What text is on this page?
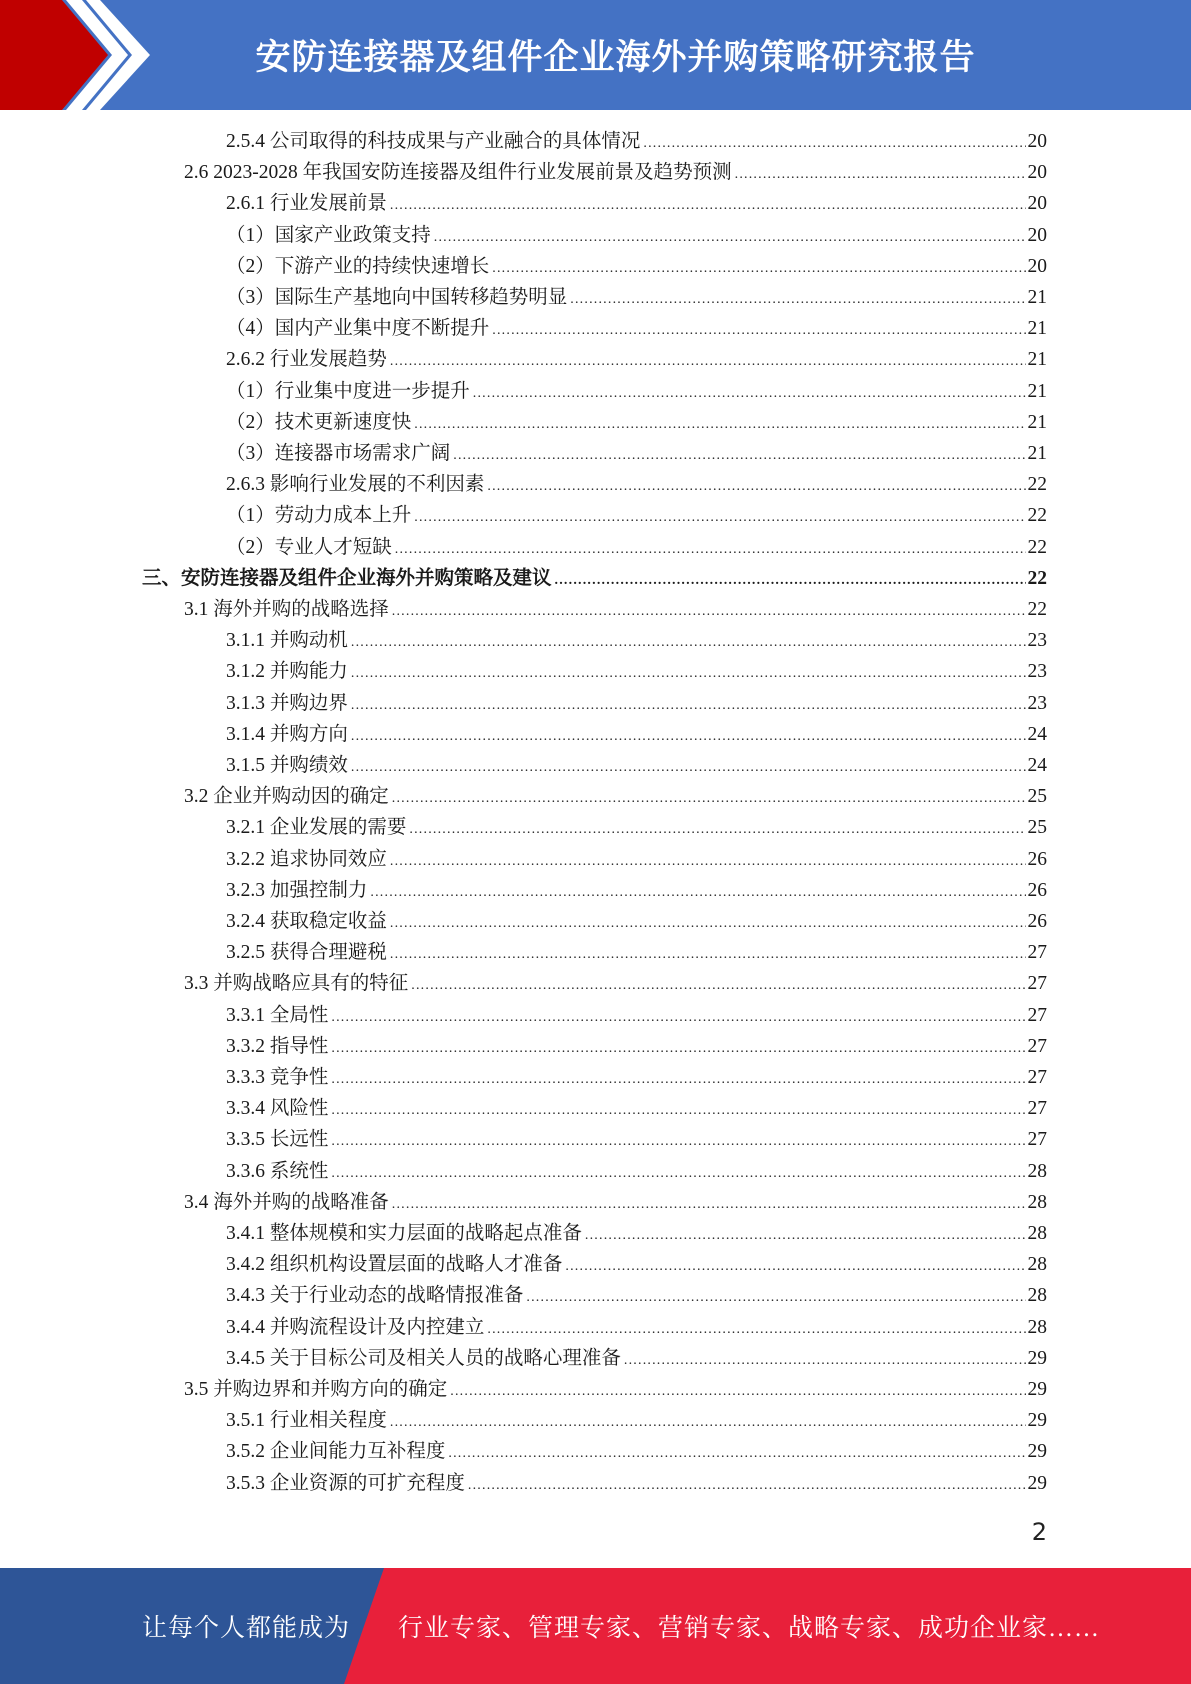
安防连接器及组件企业海外并购策略研究报告
2.5.4 公司取得的科技成果与产业融合的具体情况 .....	20
2.6 2023-2028 年我国安防连接器及组件行业发展前景及趋势预测 .....	20
2.6.1 行业发展前景 .....	20
（1）国家产业政策支持 .....	20
（2）下游产业的持续快速增长 .....	20
（3）国际生产基地向中国转移趋势明显 .....	21
（4）国内产业集中度不断提升 .....	21
2.6.2 行业发展趋势 .....	21
（1）行业集中度进一步提升 .....	21
（2）技术更新速度快 .....	21
（3）连接器市场需求广阔 .....	21
2.6.3 影响行业发展的不利因素 .....	22
（1）劳动力成本上升 .....	22
（2）专业人才短缺 .....	22
三、安防连接器及组件企业海外并购策略及建议 .....	22
3.1 海外并购的战略选择 .....	22
3.1.1 并购动机 .....	23
3.1.2 并购能力 .....	23
3.1.3 并购边界 .....	23
3.1.4 并购方向 .....	24
3.1.5 并购绩效 .....	24
3.2 企业并购动因的确定 .....	25
3.2.1 企业发展的需要 .....	25
3.2.2 追求协同效应 .....	26
3.2.3 加强控制力 .....	26
3.2.4 获取稳定收益 .....	26
3.2.5 获得合理避税 .....	27
3.3 并购战略应具有的特征 .....	27
3.3.1 全局性 .....	27
3.3.2 指导性 .....	27
3.3.3 竞争性 .....	27
3.3.4 风险性 .....	27
3.3.5 长远性 .....	27
3.3.6 系统性 .....	28
3.4 海外并购的战略准备 .....	28
3.4.1 整体规模和实力层面的战略起点准备 .....	28
3.4.2 组织机构设置层面的战略人才准备 .....	28
3.4.3 关于行业动态的战略情报准备 .....	28
3.4.4 并购流程设计及内控建立 .....	28
3.4.5 关于目标公司及相关人员的战略心理准备 .....	29
3.5 并购边界和并购方向的确定 .....	29
3.5.1 行业相关程度 .....	29
3.5.2 企业间能力互补程度 .....	29
3.5.3 企业资源的可扩充程度 .....	29
2
让每个人都能成为 行业专家、管理专家、营销专家、战略专家、成功企业家……
